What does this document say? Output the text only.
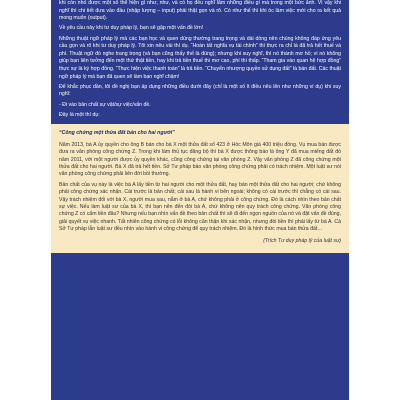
khi còn nhỏ được một số thể hiện gì như, như, và có họ đều nghĩ lắm những điều gì mà trong một bức ảnh. Vì vậy khi nghĩ thì chi tiết đưa vào đầu (nhập lượng – input) phải thật gọn và rõ. Có như thế thì khi óc làm việc mới cho ra kết quả mong muốn (output).

Về yêu cầu này khi tư duy pháp lý, bạn sẽ gặp một vấn đề lớn!

Những thuật ngữ pháp lý mà các bạn học và quen dùng thường trang trọng và dài dòng nên chúng không đáp ứng yêu cầu gọn và rõ khi tư duy pháp lý. Tôi xin nêu vài thí dụ. “Hoàn tất nghĩa vụ tài chính” thì thực ra chỉ là đã trả hết thuế và phí. Thuật ngữ đó nghe trang trọng (và bạn cũng thấy thế là đúng); nhưng khi suy nghĩ, thì nó thành mơ hồ; vì nó không giúp bạn liên tưởng đến một thứ thật tiền, hay khi trả tiền thuế thì mơ cao, phí thì thấp. “Tham gia vào quan hệ hợp đồng” thực sự là ký hợp đồng. “Thực hiện việc thanh toán” là trả tiền. “Chuyển nhượng quyền sử dụng đất” là bán đất. Các thuật ngữ pháp lý mà bạn đã quen sẽ làm bạn nghĩ chậm!

Để khắc phục dần, tôi đề nghị bạn áp dụng những điều dưới đây (chỉ là một số ít điều nêu lên như những ví dụ) khi suy nghĩ:

- Đi vào bản chất sự vật/sự việc/vấn đề.

Đây là một thí dụ:

“Công chứng một thửa đất bán cho hai người”

Năm 2013, bà A ủy quyền cho ông B bán cho bà X một thửa đất số 423 ở Hóc Môn giá 400 triệu đồng. Vụ mua bán được đưa ra văn phòng công chứng Z. Trong khi làm thủ tục đăng bộ thì bà X được thông báo là ông Y đã mua miếng đất đó năm 2011, với một người được ủy quyền khác, cũng công chứng tại văn phòng Z. Vậy văn phòng Z đã công chứng một thửa đất cho hai người. Bà X đã trả hết tiền. Sở Tư pháp bảo văn phòng công chứng phải có trách nhiệm. Một luật sư nói văn phòng công chứng phải liên đới bồi thường.

Bản chất của vụ này là việc bà A lấy tiền từ hai người cho một thửa đất, hay bán một thửa đất cho hai người; chứ không phải công chứng xác nhận. Cái trước là bản chất; cái sau là hành vi bên ngoài; không có cái trước thì chẳng có cái sau. Vậy trách nhiệm đối với bà X, người mua sau, nằm ở bà A, chứ không phải ở công chứng. Đó là cách nhìn theo bản chất sự việc. Nếu làm luật sư của bà X, thì bạn nên đến đòi bà A, chứ không nên quy trách công chứng. Văn phòng công chứng Z có cẩm tiền đâu? Nhưng nếu bạn nhìn vấn đề theo bản chất thì sẽ đi đến ngọn nguồn của nó và đặt vấn đề đúng, giải quyết vụ việc nhanh. Tất nhiên công chứng có lỗi không cẩn thận khi xác nhận, nhưng đòi tiền thì phải lấy từ bà A. Cả Sở Tư pháp lẫn luật sư đều nhìn vào hành vi công chứng để quy trách nhiệm. Đó là hình thức mua bán thửa đất…

(Trích Tư duy pháp lý của luật sư)
